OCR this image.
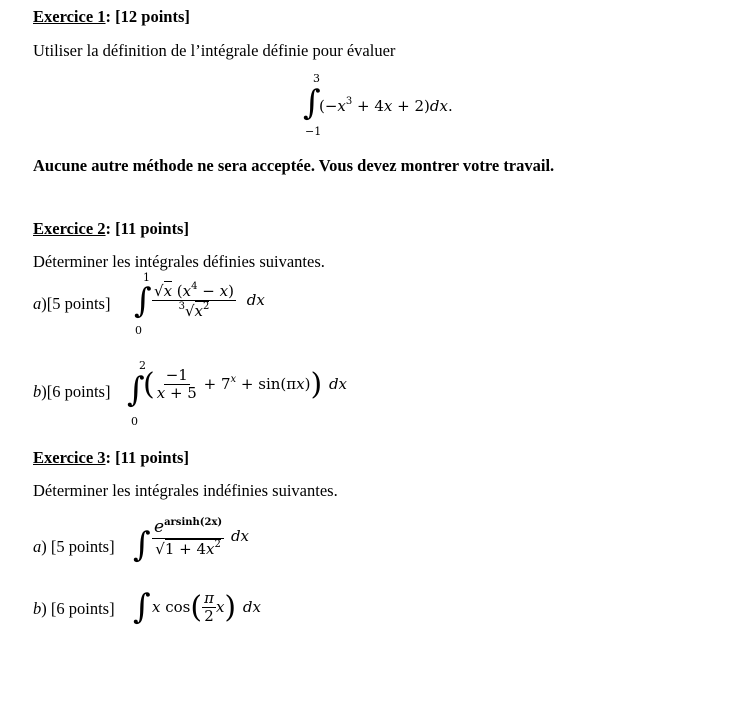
Exercice 1: [12 points]
Utiliser la définition de l’intégrale définie pour évaluer
3
∫
−1
$(-x^3 + 4x + 2)dx$.
Aucune autre méthode ne sera acceptée. Vous devez montrer votre travail.
Exercice 2: [11 points]
Déterminer les intégrales définies suivantes.
a)[5 points]
1
∫
0
$\frac{√x (x^4 - x)}{^3√x^2}$ dx
b)[6 points]
2
∫
0
( $\frac{-1}{x + 5} + 7^x + \sin(\pi x)$) dx
Exercice 3: [11 points]
Déterminer les intégrales indéfinies suivantes.
a) [5 points] ∫ $\frac{e^{arsinh(2x)}}{√1 + 4x^2}$ dx
b) [6 points] ∫ x $\cos( \frac{\pi}{2} x)$ dx
